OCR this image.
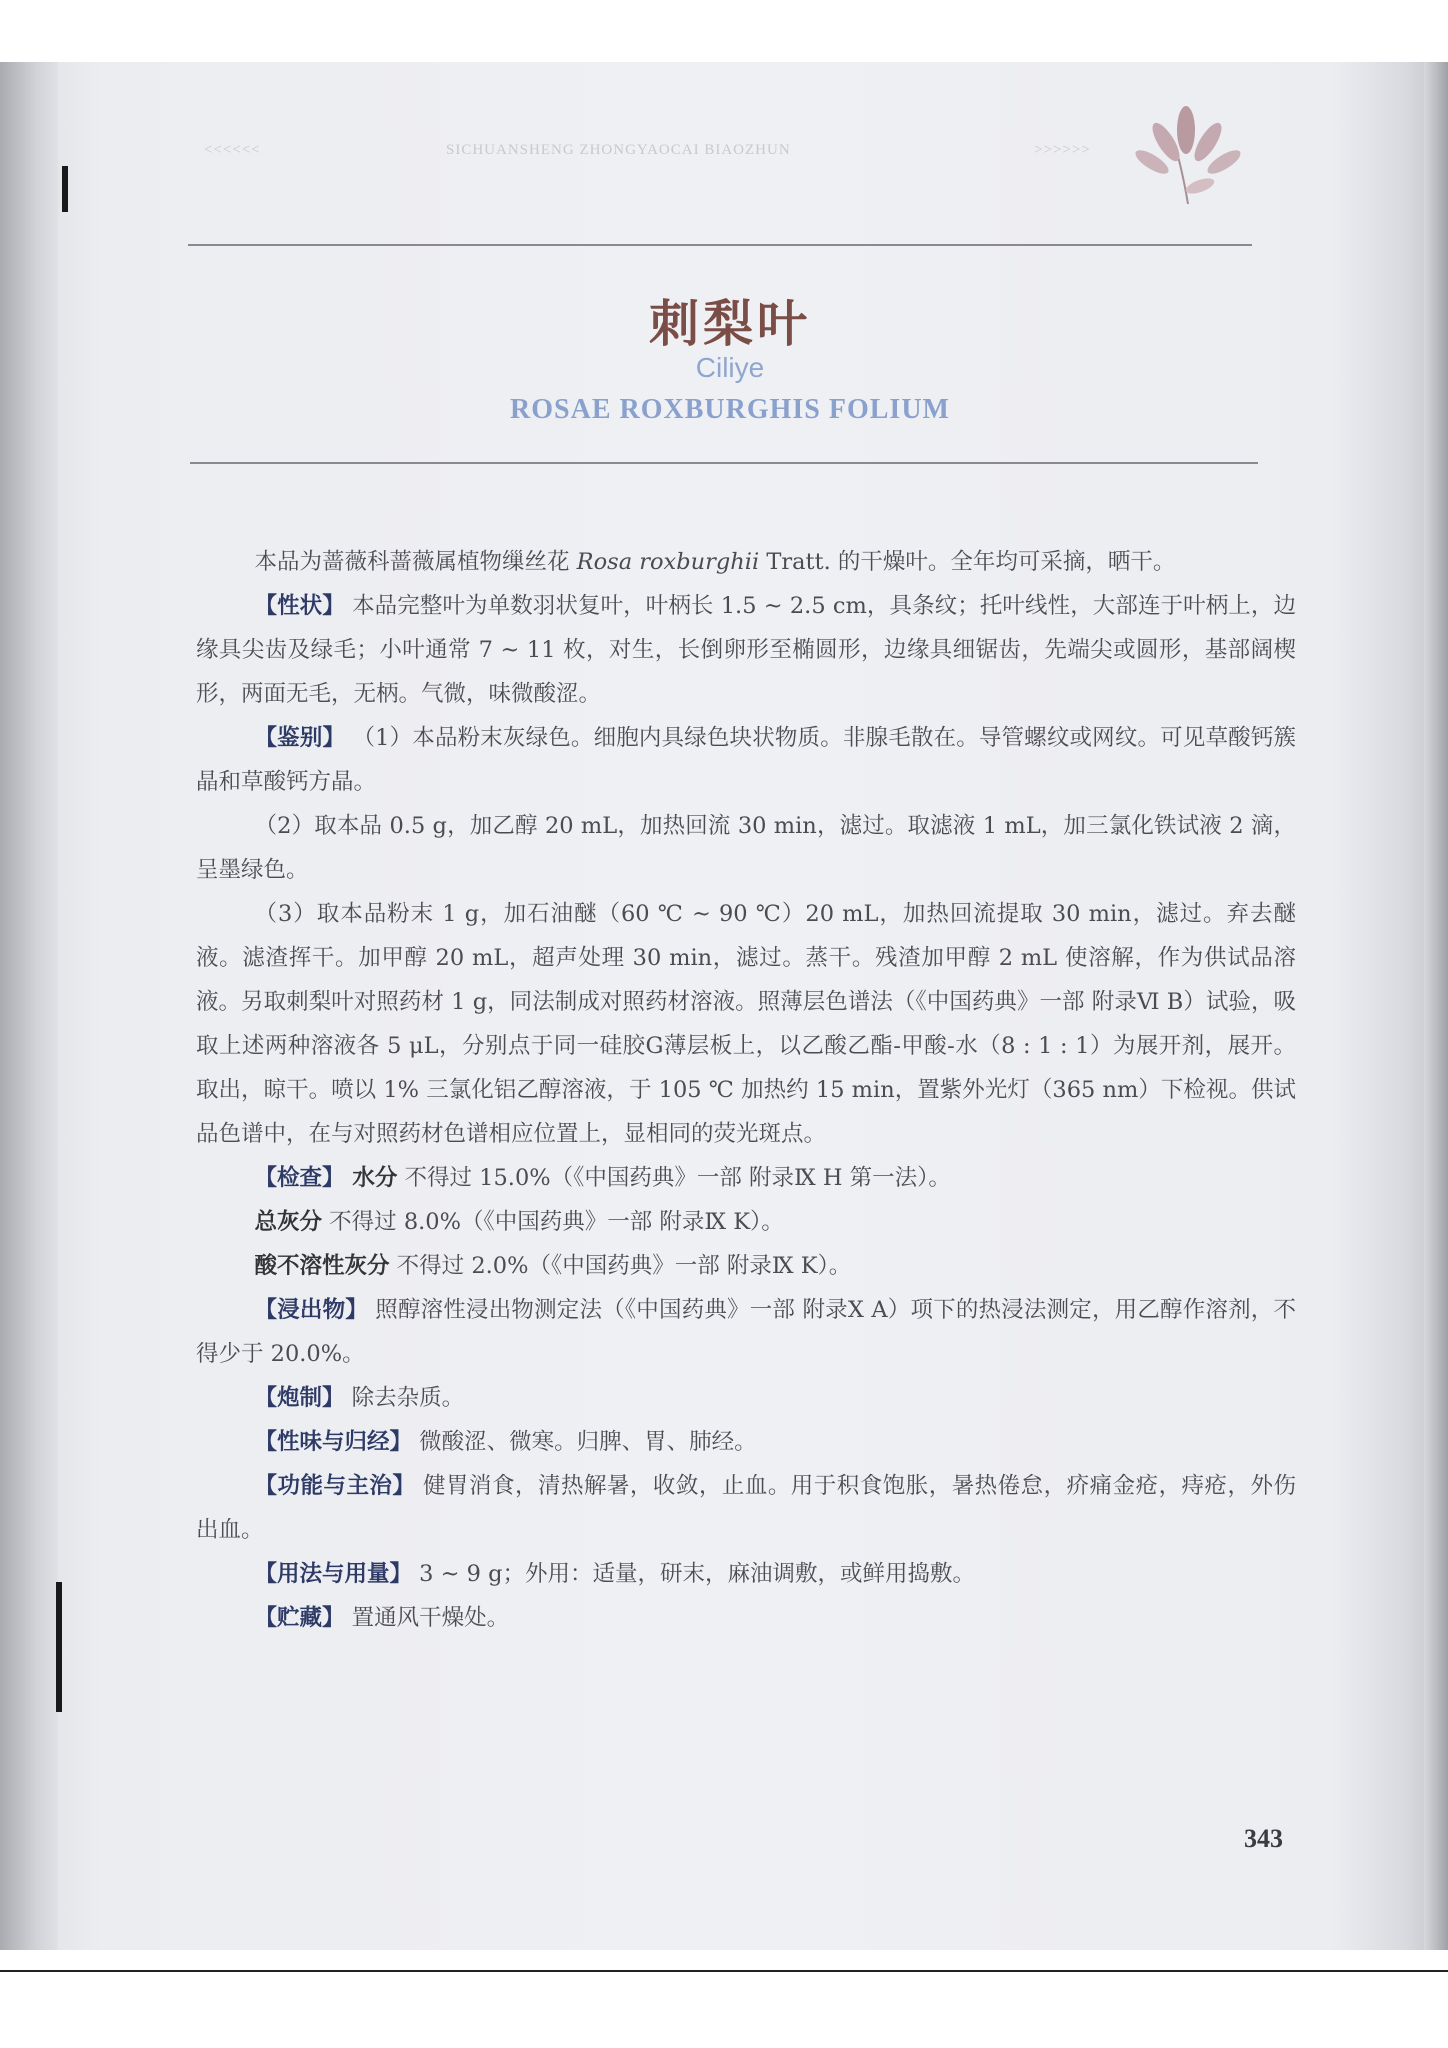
<<<<<<	SICHUANSHENG ZHONGYAOCAI BIAOZHUN	>>>>>>
刺梨叶
Ciliye
ROSAE ROXBURGHIS FOLIUM

本品为蔷薇科蔷薇属植物缫丝花 Rosa roxburghii Tratt. 的干燥叶。全年均可采摘，晒干。

【性状】 本品完整叶为单数羽状复叶，叶柄长 1.5 ~ 2.5 cm，具条纹；托叶线性，大部连于叶柄上，边缘具尖齿及绿毛；小叶通常 7 ~ 11 枚，对生，长倒卵形至椭圆形，边缘具细锯齿，先端尖或圆形，基部阔楔形，两面无毛，无柄。气微，味微酸涩。

【鉴别】 （1）本品粉末灰绿色。细胞内具绿色块状物质。非腺毛散在。导管螺纹或网纹。可见草酸钙簇晶和草酸钙方晶。

（2）取本品 0.5 g，加乙醇 20 mL，加热回流 30 min，滤过。取滤液 1 mL，加三氯化铁试液 2 滴，呈墨绿色。

（3）取本品粉末 1 g，加石油醚（60 ℃ ~ 90 ℃）20 mL，加热回流提取 30 min，滤过。弃去醚液。滤渣挥干。加甲醇 20 mL，超声处理 30 min，滤过。蒸干。残渣加甲醇 2 mL 使溶解，作为供试品溶液。另取刺梨叶对照药材 1 g，同法制成对照药材溶液。照薄层色谱法（《中国药典》一部 附录Ⅵ B）试验，吸取上述两种溶液各 5 μL，分别点于同一硅胶G薄层板上，以乙酸乙酯-甲酸-水（8 : 1 : 1）为展开剂，展开。取出，晾干。喷以 1% 三氯化铝乙醇溶液，于 105 ℃ 加热约 15 min，置紫外光灯（365 nm）下检视。供试品色谱中，在与对照药材色谱相应位置上，显相同的荧光斑点。

【检查】 水分 不得过 15.0%（《中国药典》一部 附录Ⅸ H 第一法）。

总灰分 不得过 8.0%（《中国药典》一部 附录Ⅸ K）。

酸不溶性灰分 不得过 2.0%（《中国药典》一部 附录Ⅸ K）。

【浸出物】 照醇溶性浸出物测定法（《中国药典》一部 附录Ⅹ A）项下的热浸法测定，用乙醇作溶剂，不得少于 20.0%。

【炮制】 除去杂质。

【性味与归经】 微酸涩、微寒。归脾、胃、肺经。

【功能与主治】 健胃消食，清热解暑，收敛，止血。用于积食饱胀，暑热倦怠，疥痛金疮，痔疮，外伤出血。

【用法与用量】 3 ~ 9 g；外用：适量，研末，麻油调敷，或鲜用捣敷。

【贮藏】 置通风干燥处。

343
